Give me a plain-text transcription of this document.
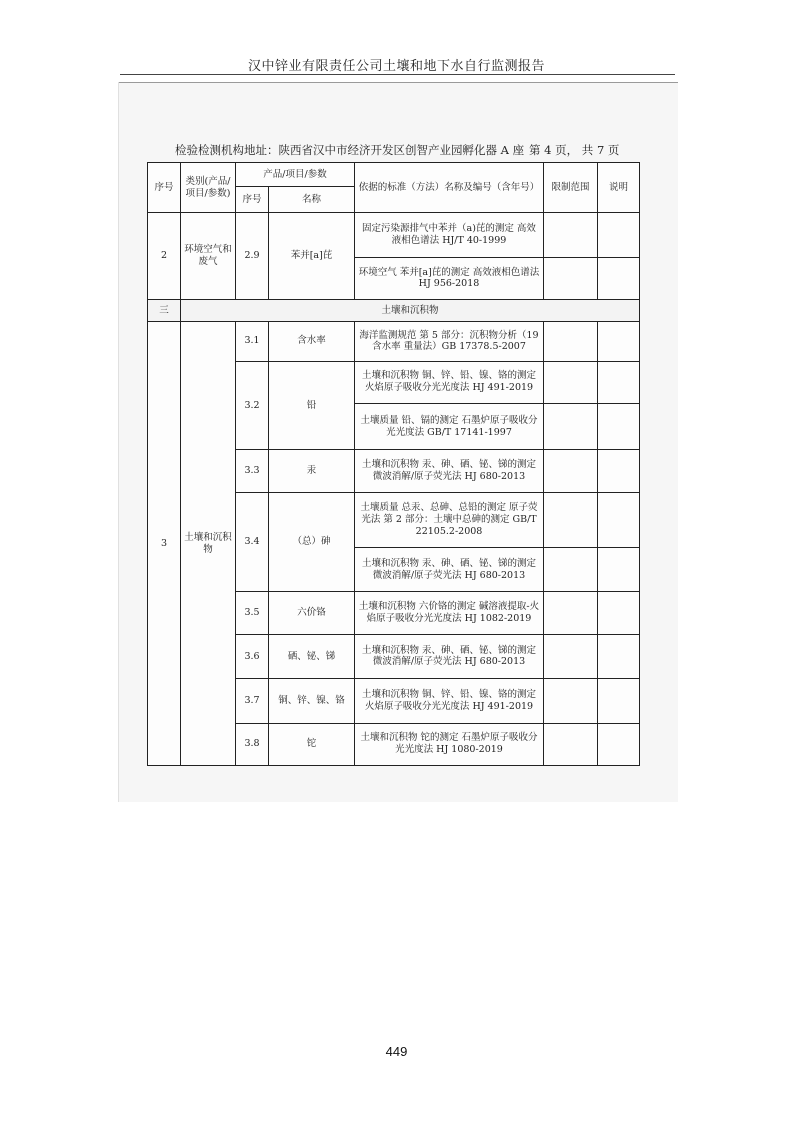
汉中锌业有限责任公司土壤和地下水自行监测报告
检验检测机构地址：陕西省汉中市经济开发区创智产业园孵化器 A 座 第 4 页， 共 7 页
序号	类别(产品/项目/参数)	产品/项目/参数		依据的标准（方法）名称及编号（含年号）	限制范围	说明
		序号	名称			
2	环境空气和废气	2.9	苯并[a]芘	固定污染源排气中苯并（a)芘的测定 高效液相色谱法 HJ/T 40-1999		
				环境空气 苯并[a]芘的测定 高效液相色谱法 HJ 956-2018		
三	土壤和沉积物					
3	土壤和沉积物	3.1	含水率	海洋监测规范 第 5 部分：沉积物分析（19 含水率 重量法）GB 17378.5-2007		
		3.2	铅	土壤和沉积物 铜、锌、铅、镍、铬的测定 火焰原子吸收分光光度法 HJ 491-2019		
				土壤质量 铅、镉的测定 石墨炉原子吸收分光光度法 GB/T 17141-1997		
		3.3	汞	土壤和沉积物 汞、砷、硒、铋、锑的测定 微波消解/原子荧光法 HJ 680-2013		
		3.4	（总）砷	土壤质量 总汞、总砷、总铅的测定 原子荧光法 第 2 部分：土壤中总砷的测定 GB/T 22105.2-2008		
				土壤和沉积物 汞、砷、硒、铋、锑的测定 微波消解/原子荧光法 HJ 680-2013		
		3.5	六价铬	土壤和沉积物 六价铬的测定 碱溶液提取-火焰原子吸收分光光度法 HJ 1082-2019		
		3.6	硒、铋、锑	土壤和沉积物 汞、砷、硒、铋、锑的测定 微波消解/原子荧光法 HJ 680-2013		
		3.7	铜、锌、镍、铬	土壤和沉积物 铜、锌、铅、镍、铬的测定 火焰原子吸收分光光度法 HJ 491-2019		
		3.8	铊	土壤和沉积物 铊的测定 石墨炉原子吸收分光光度法 HJ 1080-2019		
449
